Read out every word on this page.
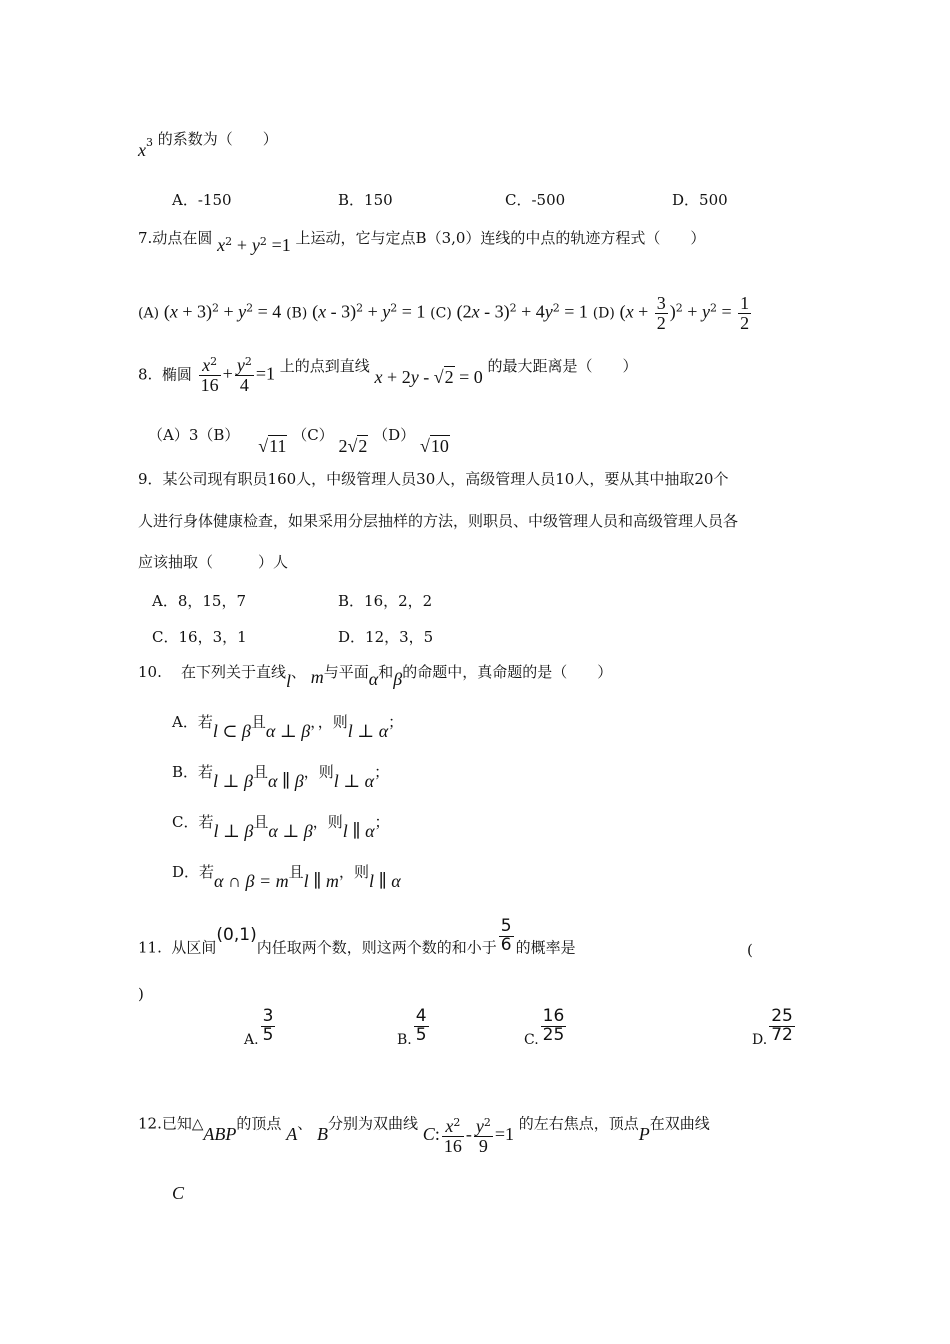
$x^3$ 的系数为（　　）
A．-150	B．150	C．-500	D．500
7.动点在圆 $x^2 + y^2 =1$ 上运动，它与定点B（3,0）连线的中点的轨迹方程式（　　）
(A) $(x + 3)^2 + y^2 = 4$ (B) $(x - 3)^2 + y^2 = 1$ (C) $(2x - 3)^2 + 4y^2 = 1$ (D) $(x + \frac{3}{2} )^2 + y^2 = \frac{1}{2}$
8. 椭圆 $\frac{x^2}{16} + \frac{y^2}{4} =1$ 上的点到直线 x + 2y - √2 = 0 的最大距离是（　　）
（A）3（B） √11 （C） 2√2 （D） √10
9．某公司现有职员160人，中级管理人员30人，高级管理人员10人，要从其中抽取20个
人进行身体健康检查，如果采用分层抽样的方法，则职员、中级管理人员和高级管理人员各
应该抽取（　　　）人
A．8，15，7	B．16，2，2
C．16，3，1	D．12，3，5
10. 在下列关于直线l、 m与平面α和β的命题中，真命题的是（　　）
A．若l ⊂ β且α ⊥ β，，则l ⊥ α；
B．若l ⊥ β且α ∥ β，则l ⊥ α；
C．若l ⊥ β且α ⊥ β，则l ∥ α；
D．若α ∩ β = m且l ∥ m，则l ∥ α
11. 从区间(0,1)内任取两个数，则这两个数的和小于 $\frac{5}{6}$ 的概率是	(
)
A. $\frac{3}{5}$	B. $\frac{4}{5}$	C. $\frac{16}{25}$	D. $\frac{25}{72}$
12.已知△ABP的顶点 A、 B分别为双曲线 C: $\frac{x^2}{16} - \frac{y^2}{9} =1$ 的左右焦点，顶点P在双曲线
C
